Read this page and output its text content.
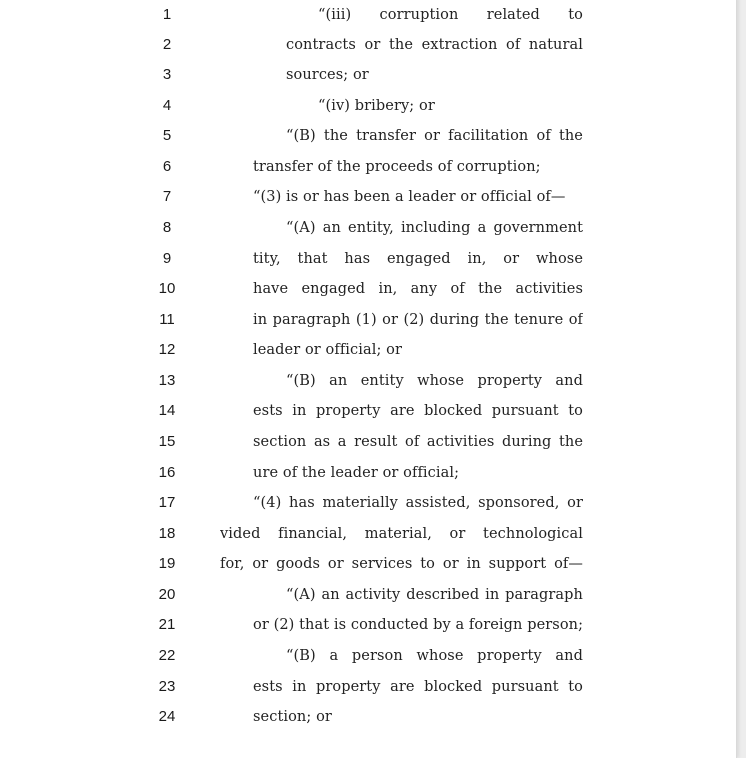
1	“(iii) corruption related to
2	contracts or the extraction of natural
3	sources; or
4	“(iv) bribery; or
5	“(B) the transfer or facilitation of the
6	transfer of the proceeds of corruption;
7	“(3) is or has been a leader or official of—
8	“(A) an entity, including a government
9	tity, that has engaged in, or whose
10	have engaged in, any of the activities
11	in paragraph (1) or (2) during the tenure of
12	leader or official; or
13	“(B) an entity whose property and
14	ests in property are blocked pursuant to
15	section as a result of activities during the
16	ure of the leader or official;
17	“(4) has materially assisted, sponsored, or
18	vided financial, material, or technological
19	for, or goods or services to or in support of—
20	“(A) an activity described in paragraph
21	or (2) that is conducted by a foreign person;
22	“(B) a person whose property and
23	ests in property are blocked pursuant to
24	section; or
